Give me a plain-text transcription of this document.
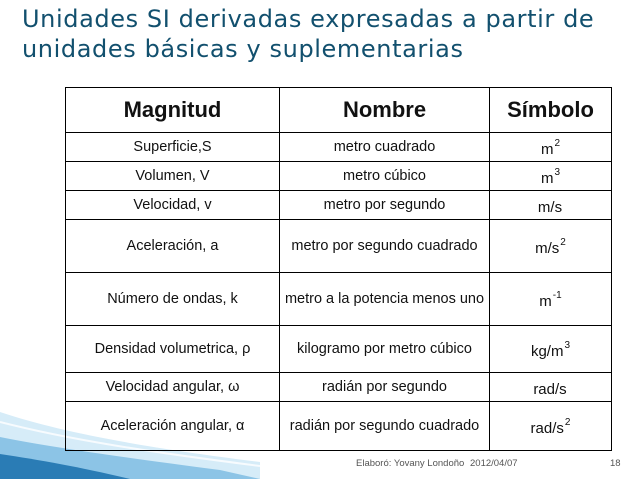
Unidades SI derivadas expresadas a partir de unidades básicas y suplementarias
Magnitud	Nombre	Símbolo
Superficie,S	metro cuadrado	$m^2$
Volumen, V	metro cúbico	$m^3$
Velocidad, v	metro por segundo	m/s
Aceleración, a	metro por segundo cuadrado	$m/s^2$
Número de ondas, k	metro a la potencia menos uno	$m^{-1}$
Densidad volumetrica, ρ	kilogramo por metro cúbico	$kg/m^3$
Velocidad angular, ω	radián por segundo	rad/s
Aceleración angular, α	radián por segundo cuadrado	rad/$s^2$
Elaboró: Yovany Londoño 2012/04/07	18
